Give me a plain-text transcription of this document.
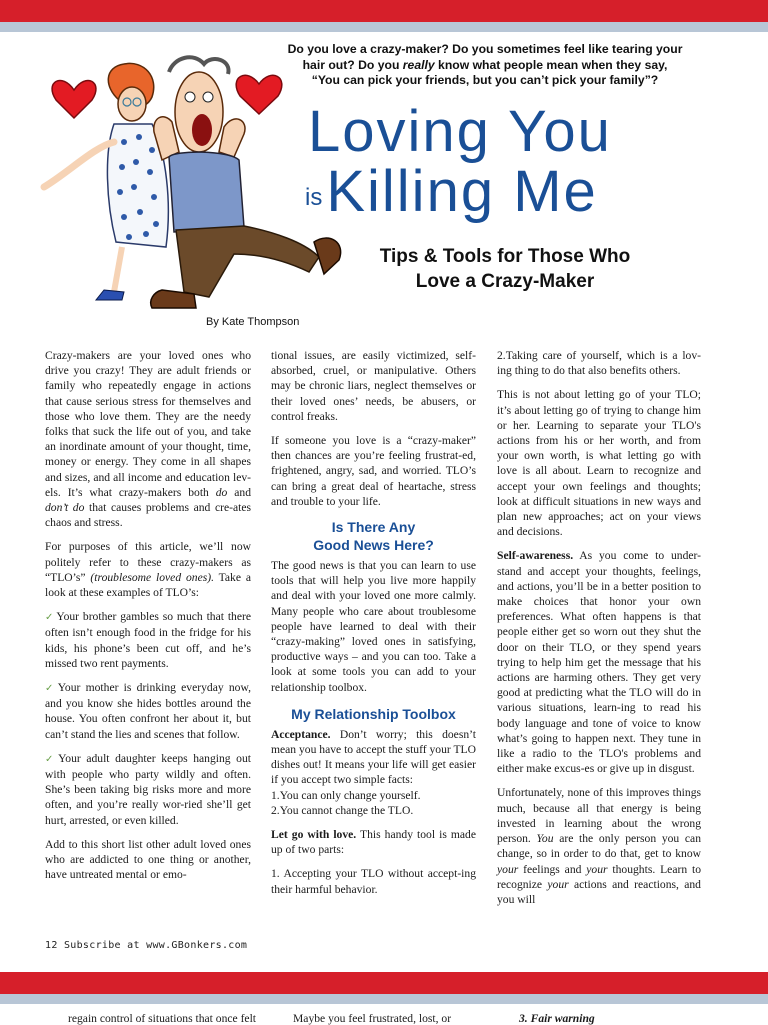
Do you love a crazy-maker? Do you sometimes feel like tearing your

hair out? Do you really know what people mean when they say,

“You can pick your friends, but you can’t pick your family”?

Loving You
$^{is}$Killing Me
Tips & Tools for Those Who
Love a Crazy-Maker
By Kate Thompson

Crazy-makers are your loved ones who drive you crazy! They are adult friends or family who repeatedly engage in actions that cause serious stress for themselves and those who love them. They are the needy folks that suck the life out of you, and take an inordinate amount of your thought, time, money or energy. They come in all shapes and sizes, and all income and education lev-els. It’s what crazy-makers both do and don’t do that causes problems and cre-ates chaos and stress.

For purposes of this article, we’ll now politely refer to these crazy-makers as “TLO’s” (troublesome loved ones). Take a look at these examples of TLO’s:

✓ Your brother gambles so much that there often isn’t enough food in the fridge for his kids, his phone’s been cut off, and he’s missed two rent payments.

✓ Your mother is drinking everyday now, and you know she hides bottles around the house. You often confront her about it, but can’t stand the lies and scenes that follow.

✓ Your adult daughter keeps hanging out with people who party wildly and often. She’s been taking big risks more and more often, and you’re really wor-ried she’ll get hurt, arrested, or even killed.

Add to this short list other adult loved ones who are addicted to one thing or another, have untreated mental or emo-

tional issues, are easily victimized, self-absorbed, cruel, or manipulative. Others may be chronic liars, neglect themselves or their loved ones’ needs, be abusers, or control freaks.

If someone you love is a “crazy-maker” then chances are you’re feeling frustrat-ed, frightened, angry, sad, and worried. TLO’s can bring a great deal of heartache, stress and trouble to your life.

Is There Any
Good News Here?

The good news is that you can learn to use tools that will help you live more happily and deal with your loved one more calmly. Many people who care about troublesome people have learned to deal with their “crazy-making” loved ones in satisfying, productive ways – and you can too. Take a look at some tools you can add to your relationship toolbox.

My Relationship Toolbox

Acceptance. Don’t worry; this doesn’t mean you have to accept the stuff your TLO dishes out! It means your life will get easier if you accept two simple facts:

1.You can only change yourself.

2.You cannot change the TLO.

Let go with love. This handy tool is made up of two parts:

1. Accepting your TLO without accept-ing their harmful behavior.

2.Taking care of yourself, which is a lov-ing thing to do that also benefits others.

This is not about letting go of your TLO; it’s about letting go of trying to change him or her. Learning to separate your TLO's actions from his or her worth, and from your own worth, is what letting go with love is all about. Learn to recognize and accept your own feelings and thoughts; look at difficult situations in new ways and plan new approaches; act on your views and decisions.

Self-awareness. As you come to under-stand and accept your thoughts, feelings, and actions, you’ll be in a better position to make choices that honor your own preferences. What often happens is that people either get so worn out they shut the door on their TLO, or they spend years trying to help him get the message that his actions are harming others. They get very good at predicting what the TLO will do in various situations, learn-ing to read his body language and tone of voice to know what’s going to happen next. They tune in like a radio to the TLO's problems and either make excus-es or give up in disgust.

Unfortunately, none of this improves things much, because all that energy is being invested in learning about the wrong person. You are the only person you can change, so in order to do that, get to know your feelings and your thoughts. Learn to recognize your actions and reactions, and you will

12 Subscribe at www.GBonkers.com
regain control of situations that once felt	Maybe you feel frustrated, lost, or	3. Fair warning
